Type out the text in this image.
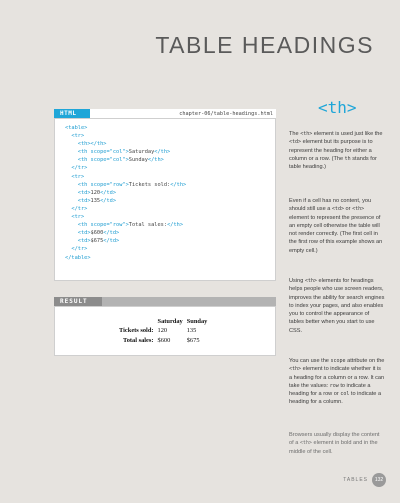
TABLE HEADINGS
HTML	chapter-06/table-headings.html
<table>
<tr>
<th></th>
<th scope="col">Saturday</th>
<th scope="col">Sunday</th>
</tr>
<tr>
<th scope="row">Tickets sold:</th>
<td>120</td>
<td>135</td>
</tr>
<tr>
<th scope="row">Total sales:</th>
<td>$600</td>
<td>$675</td>
</tr>
</table>
RESULT
	Saturday	Sunday
Tickets sold:	120	135
Total sales:	$600	$675
<th>

The <th> element is used just like the <td> element but its purpose is to represent the heading for either a column or a row. (The th stands for table heading.)

Even if a cell has no content, you should still use a <td> or <th> element to represent the presence of an empty cell otherwise the table will not render correctly. (The first cell in the first row of this example shows an empty cell.)

Using <th> elements for headings helps people who use screen readers, improves the ability for search engines to index your pages, and also enables you to control the appearance of tables better when you start to use CSS.

You can use the scope attribute on the <th> element to indicate whether it is a heading for a column or a row. It can take the values: row to indicate a heading for a row or col to indicate a heading for a column.

Browsers usually display the content of a <th> element in bold and in the middle of the cell.

TABLES	132
